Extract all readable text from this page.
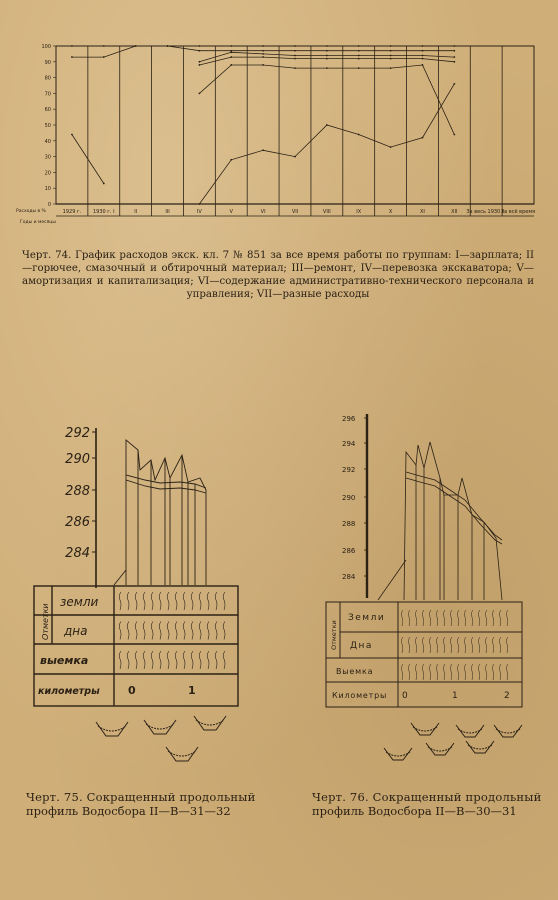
100
90
80
70
60
50
40
30
20
10
0
1929 г. 1930 г. I	II	III	IV	V	VI	VII	VIII	IX	X	XI	XII За весь 1930 г.
За всё время
Расходы в %
Годы и месяцы
Черт. 74. График расходов экск. кл. 7 № 851 за все время работы по группам: I—зарплата; II—горючее, смазочный и обтирочный материал; III—ремонт, IV—перевозка экскаватора; V—амортизация и капитализация; VI—содержание административно-технического персонала и управления; VII—разные расходы
292
290
288
286
284
Отметки
земли
дна
выемка
километры	0	1
296
294
292
290
288
286
284
Отметки
Земли
Дна
Выемка
Километры 0	1	2
Черт. 75. Сокращенный продольный
профиль Водосбора II—В—31—32
Черт. 76. Сокращенный продольный
профиль Водосбора II—В—30—31
